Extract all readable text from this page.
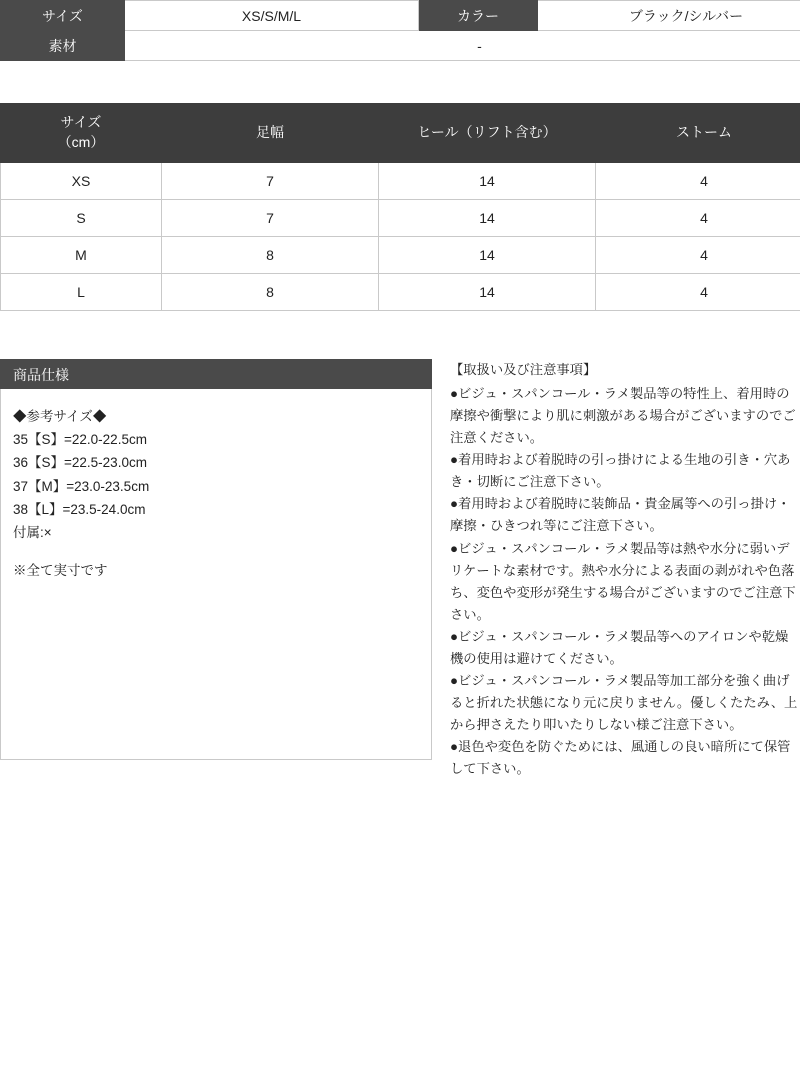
サイズ	XS/S/M/L	カラー	ブラック/シルバー
素材	-		
サイズ
（cm）	足幅	ヒール（リフト含む）	ストーム
XS	7	14	4
S	7	14	4
M	8	14	4
L	8	14	4
商品仕様
◆参考サイズ◆
35【S】=22.0-22.5cm
36【S】=22.5-23.0cm
37【M】=23.0-23.5cm
38【L】=23.5-24.0cm
付属:×
※全て実寸です
【取扱い及び注意事項】

●ビジュ・スパンコール・ラメ製品等の特性上、着用時の摩擦や衝撃により肌に刺激がある場合がございますのでご注意ください。

●着用時および着脱時の引っ掛けによる生地の引き・穴あき・切断にご注意下さい。

●着用時および着脱時に装飾品・貴金属等への引っ掛け・摩擦・ひきつれ等にご注意下さい。

●ビジュ・スパンコール・ラメ製品等は熱や水分に弱いデリケートな素材です。熱や水分による表面の剥がれや色落ち、変色や変形が発生する場合がございますのでご注意下さい。

●ビジュ・スパンコール・ラメ製品等へのアイロンや乾燥機の使用は避けてください。

●ビジュ・スパンコール・ラメ製品等加工部分を強く曲げると折れた状態になり元に戻りません。優しくたたみ、上から押さえたり叩いたりしない様ご注意下さい。

●退色や変色を防ぐためには、風通しの良い暗所にて保管して下さい。
